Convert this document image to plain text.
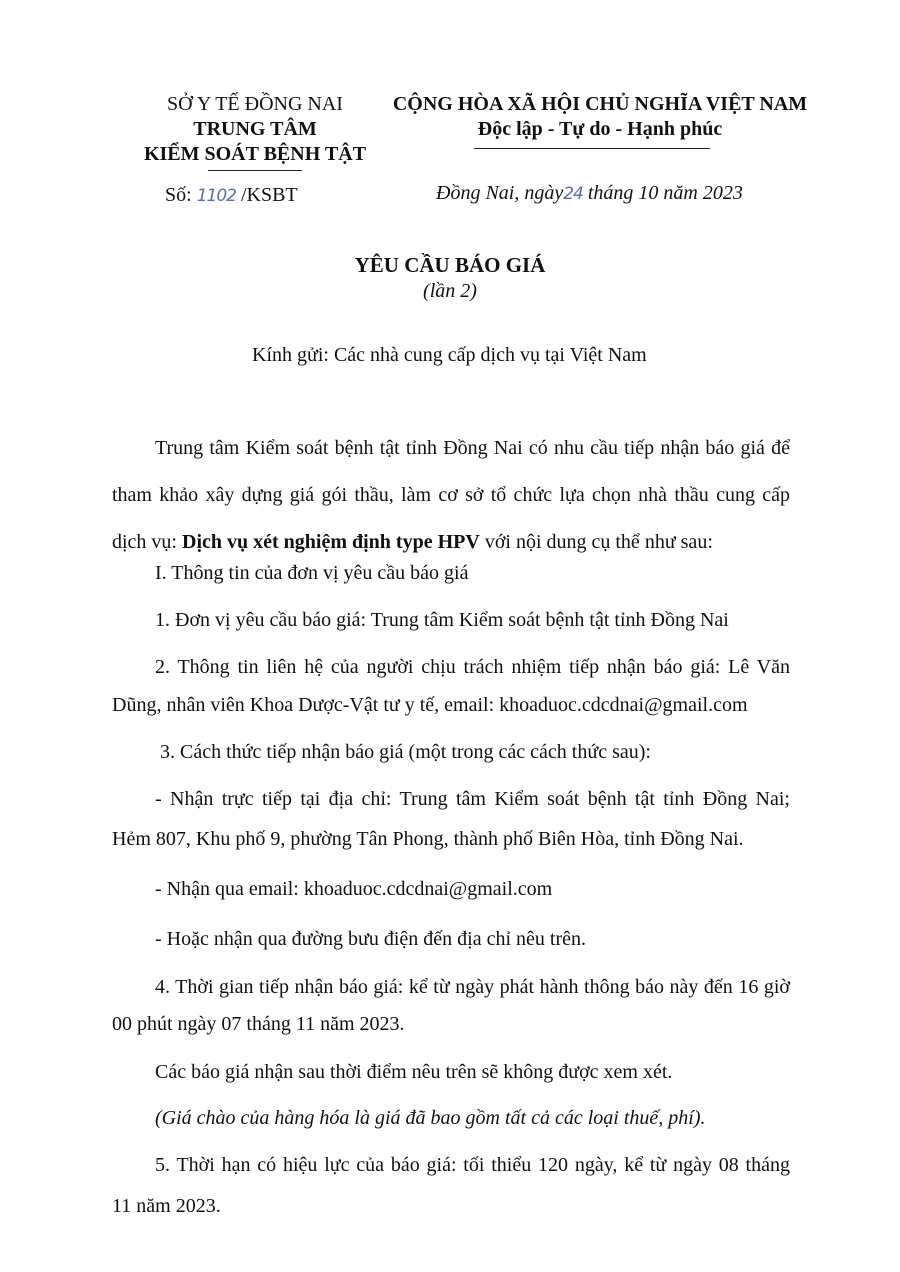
SỞ Y TẾ ĐỒNG NAI
TRUNG TÂM
KIỂM SOÁT BỆNH TẬT
Số: 1102 /KSBT
CỘNG HÒA XÃ HỘI CHỦ NGHĨA VIỆT NAM
Độc lập - Tự do - Hạnh phúc
Đồng Nai, ngày24 tháng 10 năm 2023
YÊU CẦU BÁO GIÁ
(lần 2)
Kính gửi: Các nhà cung cấp dịch vụ tại Việt Nam
Trung tâm Kiểm soát bệnh tật tỉnh Đồng Nai có nhu cầu tiếp nhận báo giá để
tham khảo xây dựng giá gói thầu, làm cơ sở tổ chức lựa chọn nhà thầu cung cấp
dịch vụ: Dịch vụ xét nghiệm định type HPV với nội dung cụ thể như sau:
I. Thông tin của đơn vị yêu cầu báo giá
1. Đơn vị yêu cầu báo giá: Trung tâm Kiểm soát bệnh tật tỉnh Đồng Nai
2. Thông tin liên hệ của người chịu trách nhiệm tiếp nhận báo giá: Lê Văn
Dũng, nhân viên Khoa Dược-Vật tư y tế, email: khoaduoc.cdcdnai@gmail.com
3. Cách thức tiếp nhận báo giá (một trong các cách thức sau):
- Nhận trực tiếp tại địa chỉ: Trung tâm Kiểm soát bệnh tật tỉnh Đồng Nai;
Hẻm 807, Khu phố 9, phường Tân Phong, thành phố Biên Hòa, tỉnh Đồng Nai.
- Nhận qua email: khoaduoc.cdcdnai@gmail.com
- Hoặc nhận qua đường bưu điện đến địa chỉ nêu trên.
4. Thời gian tiếp nhận báo giá: kể từ ngày phát hành thông báo này đến 16 giờ
00 phút ngày 07 tháng 11 năm 2023.
Các báo giá nhận sau thời điểm nêu trên sẽ không được xem xét.
(Giá chào của hàng hóa là giá đã bao gồm tất cả các loại thuế, phí).
5. Thời hạn có hiệu lực của báo giá: tối thiểu 120 ngày, kể từ ngày 08 tháng
11 năm 2023.
